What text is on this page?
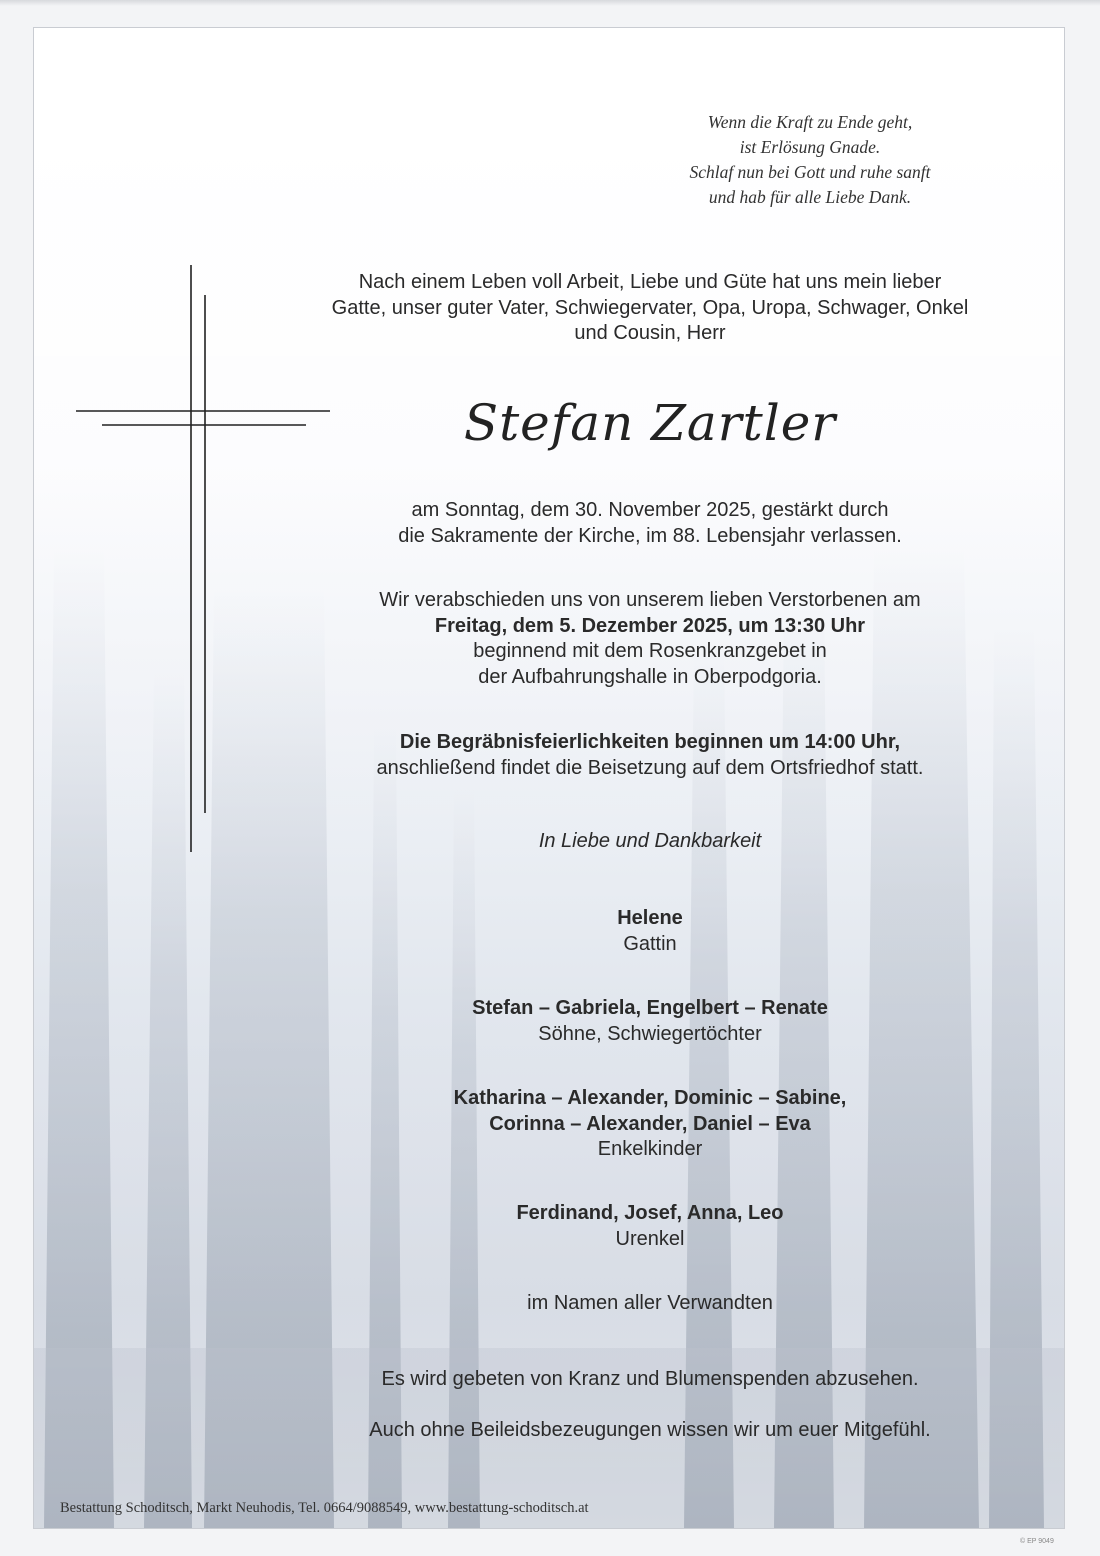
Wenn die Kraft zu Ende geht,
ist Erlösung Gnade.
Schlaf nun bei Gott und ruhe sanft
und hab für alle Liebe Dank.
Nach einem Leben voll Arbeit, Liebe und Güte hat uns mein lieber
Gatte, unser guter Vater, Schwiegervater, Opa, Uropa, Schwager, Onkel
und Cousin, Herr
Stefan Zartler
am Sonntag, dem 30. November 2025, gestärkt durch
die Sakramente der Kirche, im 88. Lebensjahr verlassen.
Wir verabschieden uns von unserem lieben Verstorbenen am
Freitag, dem 5. Dezember 2025, um 13:30 Uhr
beginnend mit dem Rosenkranzgebet in
der Aufbahrungshalle in Oberpodgoria.
Die Begräbnisfeierlichkeiten beginnen um 14:00 Uhr,
anschließend findet die Beisetzung auf dem Ortsfriedhof statt.
In Liebe und Dankbarkeit
Helene
Gattin
Stefan – Gabriela, Engelbert – Renate
Söhne, Schwiegertöchter
Katharina – Alexander, Dominic – Sabine,
Corinna – Alexander, Daniel – Eva
Enkelkinder
Ferdinand, Josef, Anna, Leo
Urenkel
im Namen aller Verwandten
Es wird gebeten von Kranz und Blumenspenden abzusehen.
Auch ohne Beileidsbezeugungen wissen wir um euer Mitgefühl.
Bestattung Schoditsch, Markt Neuhodis, Tel. 0664/9088549, www.bestattung-schoditsch.at
© EP 9049
